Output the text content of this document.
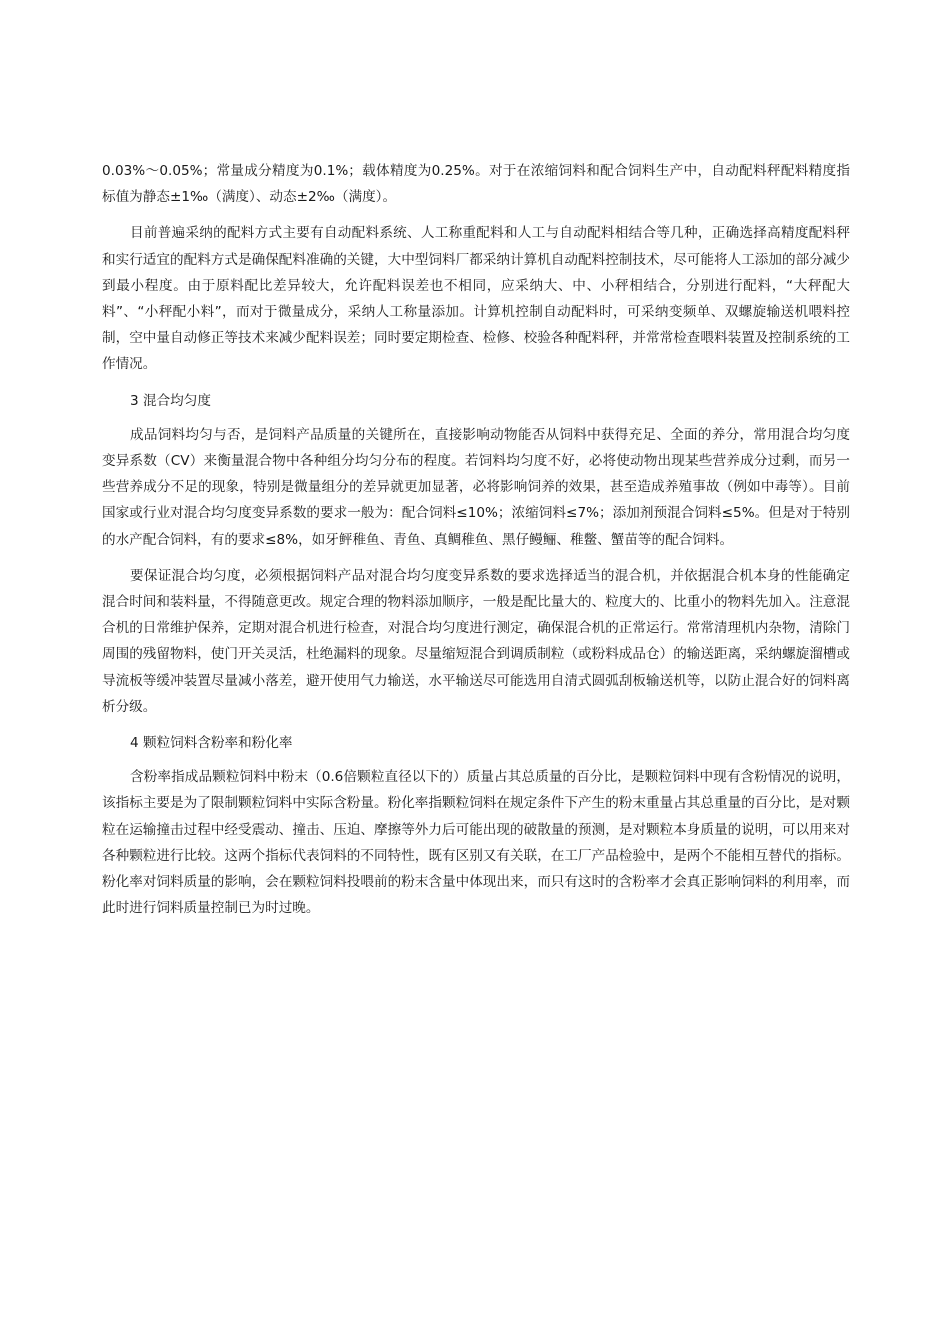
0.03%～0.05%；常量成分精度为0.1%；载体精度为0.25%。对于在浓缩饲料和配合饲料生产中，自动配料秤配料精度指标值为静态±1‰（满度）、动态±2‰（满度）。

目前普遍采纳的配料方式主要有自动配料系统、人工称重配料和人工与自动配料相结合等几种，正确选择高精度配料秤和实行适宜的配料方式是确保配料准确的关键，大中型饲料厂都采纳计算机自动配料控制技术，尽可能将人工添加的部分减少到最小程度。由于原料配比差异较大，允许配料误差也不相同，应采纳大、中、小秤相结合，分别进行配料，“大秤配大料”、“小秤配小料”，而对于微量成分，采纳人工称量添加。计算机控制自动配料时，可采纳变频单、双螺旋输送机喂料控制，空中量自动修正等技术来减少配料误差；同时要定期检查、检修、校验各种配料秤，并常常检查喂料装置及控制系统的工作情况。

3 混合均匀度

成品饲料均匀与否，是饲料产品质量的关键所在，直接影响动物能否从饲料中获得充足、全面的养分，常用混合均匀度变异系数（CV）来衡量混合物中各种组分均匀分布的程度。若饲料均匀度不好，必将使动物出现某些营养成分过剩，而另一些营养成分不足的现象，特别是微量组分的差异就更加显著，必将影响饲养的效果，甚至造成养殖事故（例如中毒等）。目前国家或行业对混合均匀度变异系数的要求一般为：配合饲料≤10%；浓缩饲料≤7%；添加剂预混合饲料≤5%。但是对于特别的水产配合饲料，有的要求≤8%，如牙鲆稚鱼、青鱼、真鲷稚鱼、黑仔鳗鲡、稚鳖、蟹苗等的配合饲料。

要保证混合均匀度，必须根据饲料产品对混合均匀度变异系数的要求选择适当的混合机，并依据混合机本身的性能确定混合时间和装料量，不得随意更改。规定合理的物料添加顺序，一般是配比量大的、粒度大的、比重小的物料先加入。注意混合机的日常维护保养，定期对混合机进行检查，对混合均匀度进行测定，确保混合机的正常运行。常常清理机内杂物，清除门周围的残留物料，使门开关灵活，杜绝漏料的现象。尽量缩短混合到调质制粒（或粉料成品仓）的输送距离，采纳螺旋溜槽或导流板等缓冲装置尽量减小落差，避开使用气力输送，水平输送尽可能选用自清式圆弧刮板输送机等，以防止混合好的饲料离析分级。

4 颗粒饲料含粉率和粉化率

含粉率指成品颗粒饲料中粉末（0.6倍颗粒直径以下的）质量占其总质量的百分比，是颗粒饲料中现有含粉情况的说明，该指标主要是为了限制颗粒饲料中实际含粉量。粉化率指颗粒饲料在规定条件下产生的粉末重量占其总重量的百分比，是对颗粒在运输撞击过程中经受震动、撞击、压迫、摩擦等外力后可能出现的破散量的预测，是对颗粒本身质量的说明，可以用来对各种颗粒进行比较。这两个指标代表饲料的不同特性，既有区别又有关联，在工厂产品检验中，是两个不能相互替代的指标。粉化率对饲料质量的影响，会在颗粒饲料投喂前的粉末含量中体现出来，而只有这时的含粉率才会真正影响饲料的利用率，而此时进行饲料质量控制已为时过晚。
